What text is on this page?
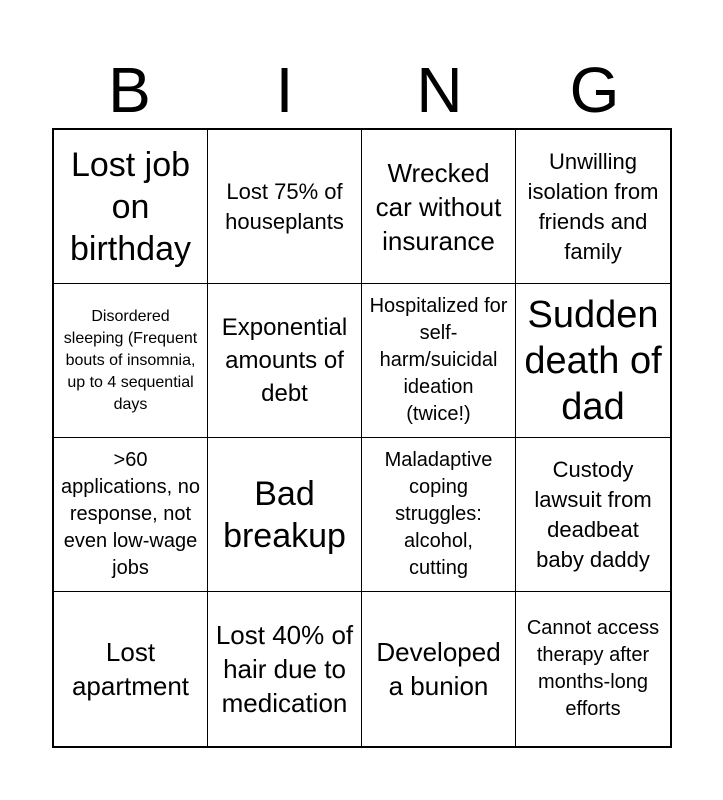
B	I	N	G
Lost job on birthday
Lost 75% of houseplants
Wrecked car without insurance
Unwilling isolation from friends and family
Disordered sleeping (Frequent bouts of insomnia, up to 4 sequential days
Exponential amounts of debt
Hospitalized for self-harm/suicidal ideation (twice!)
Sudden death of dad
>60 applications, no response, not even low-wage jobs
Bad breakup
Maladaptive coping struggles: alcohol, cutting
Custody lawsuit from deadbeat baby daddy
Lost apartment
Lost 40% of hair due to medication
Developed a bunion
Cannot access therapy after months-long efforts
